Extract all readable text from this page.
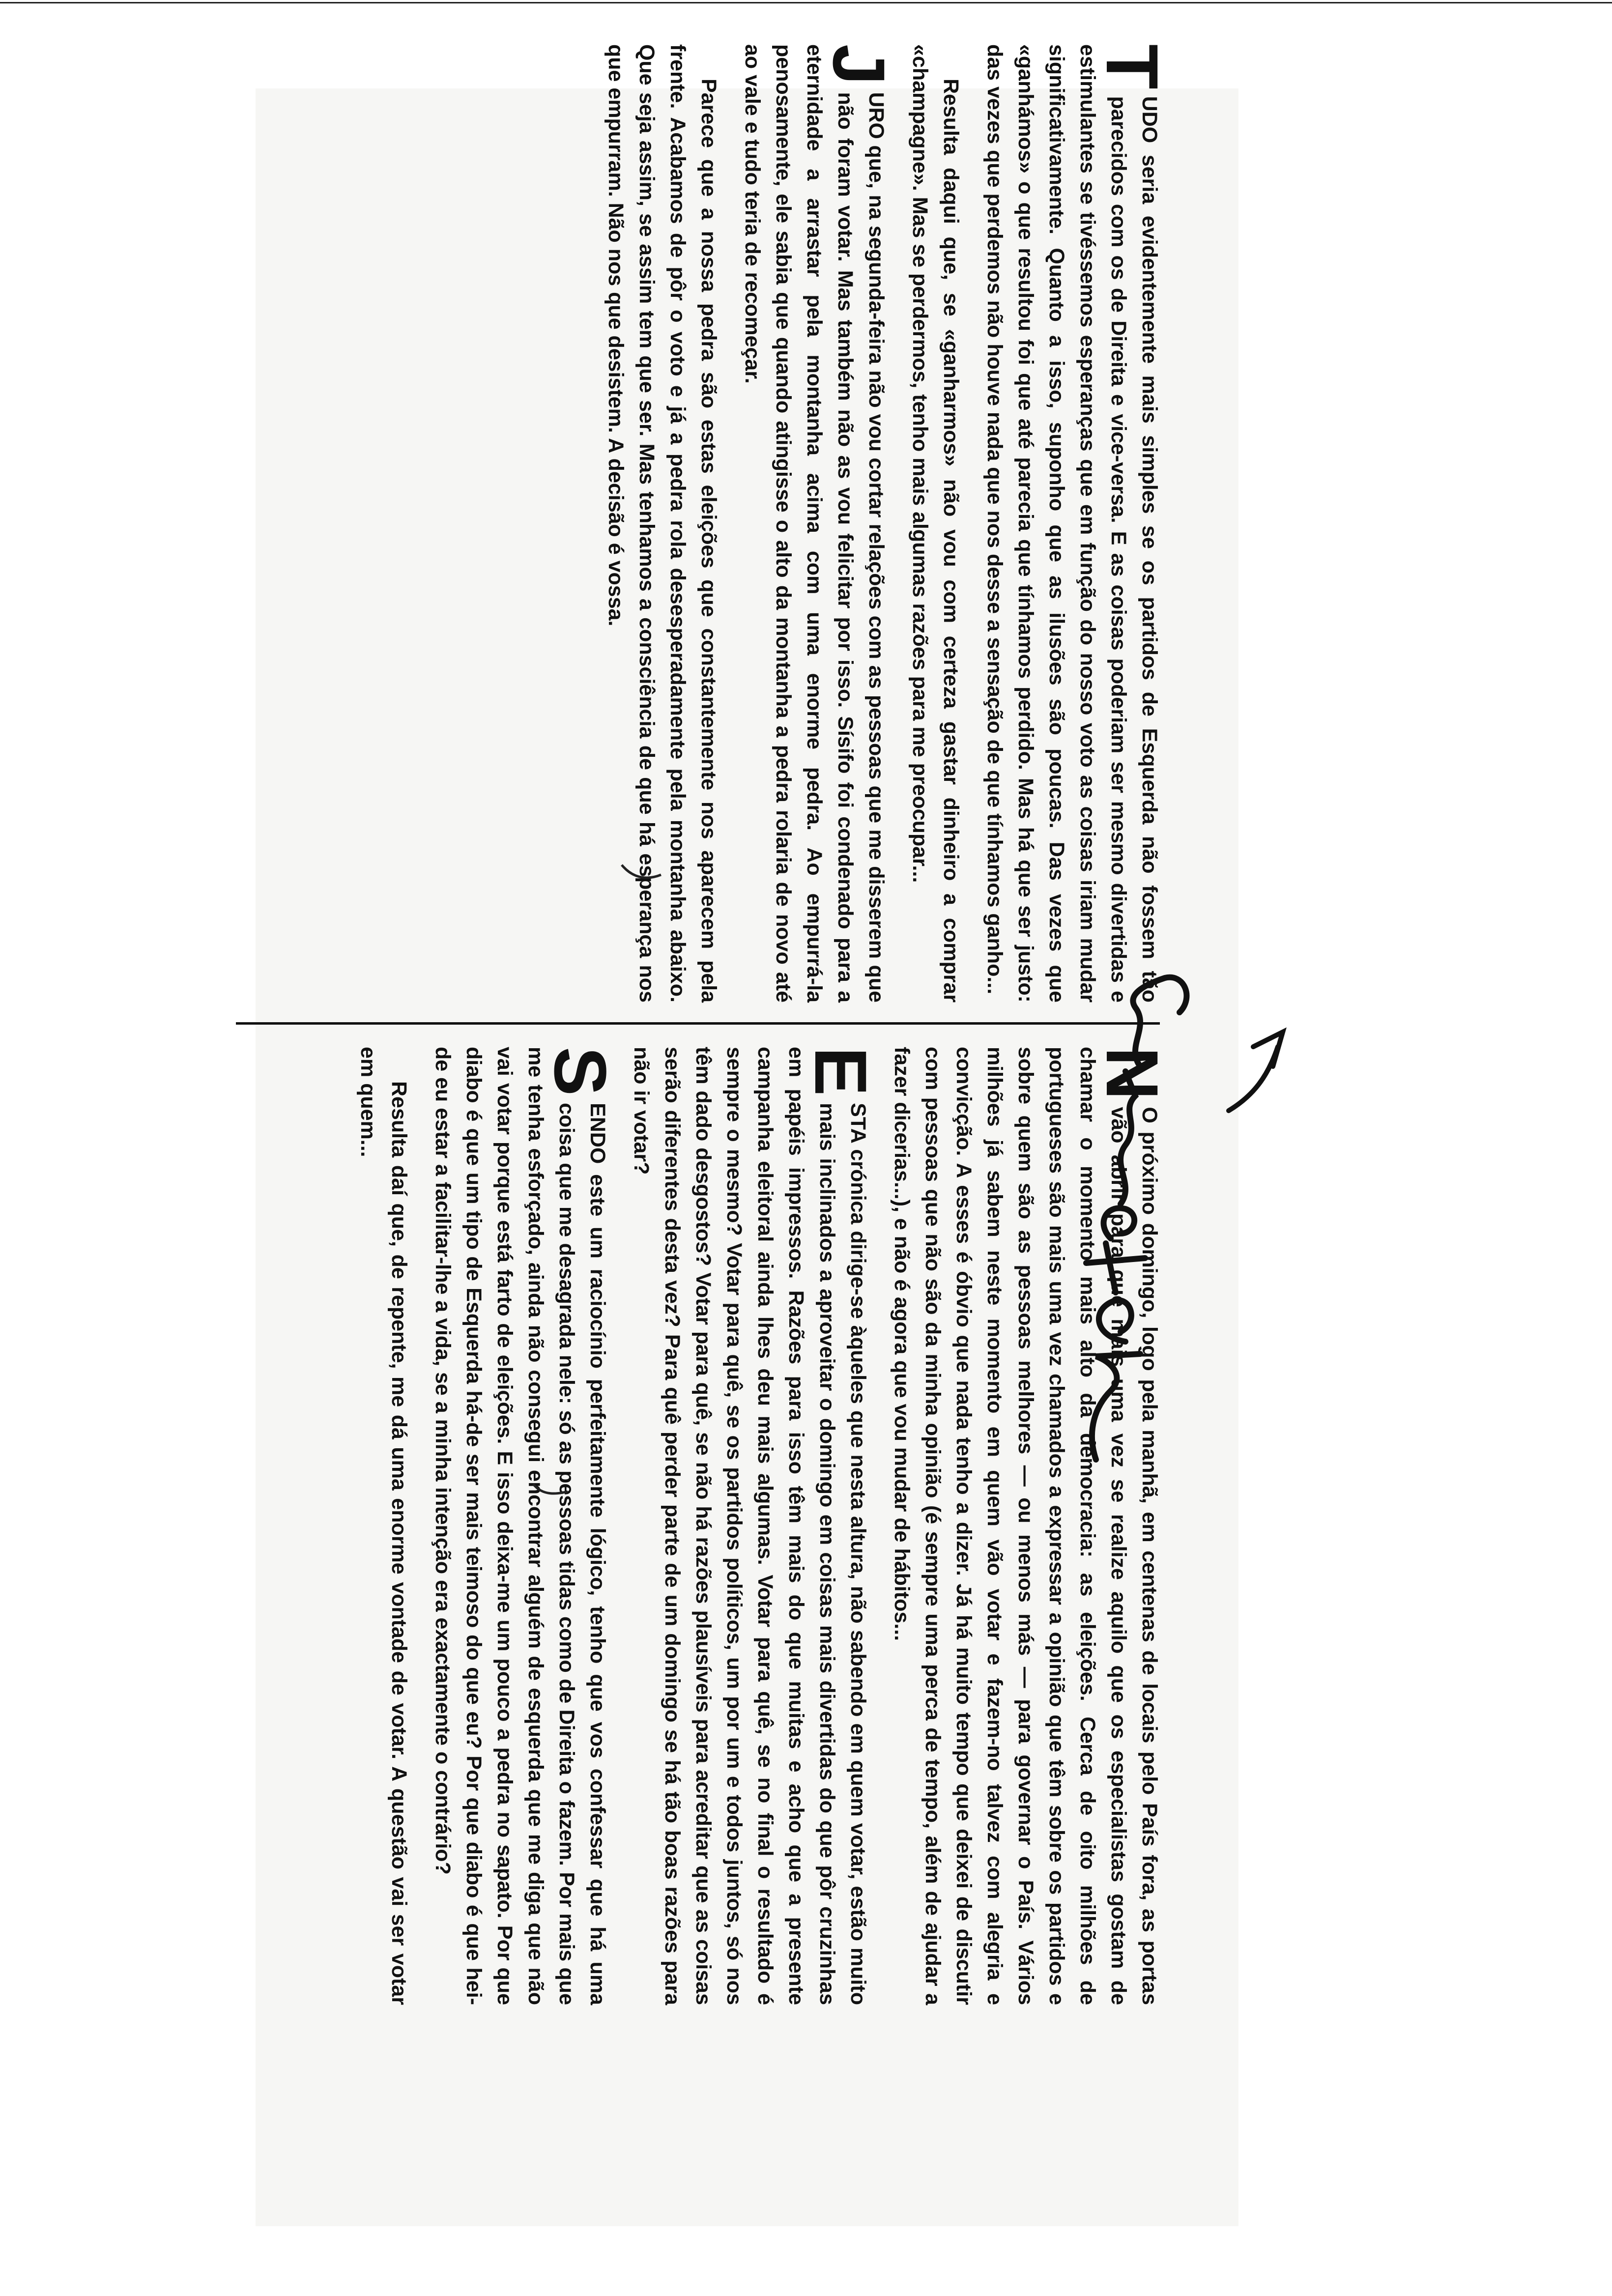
T
UDO seria evidentemente mais simples se os partidos de Esquerda não fossem tão parecidos com os de Direita e vice-versa. E as coisas poderiam ser mesmo divertidas e estimulantes se tivéssemos esperanças que em função do nosso voto as coisas iriam mudar significativamente. Quanto a isso, suponho que as ilusões são poucas. Das vezes que «ganhámos» o que resultou foi que até parecia que tínhamos perdido. Mas há que ser justo: das vezes que perdemos não houve nada que nos desse a sensação de que tínhamos ganho...

Resulta daqui que, se «ganharmos» não vou com certeza gastar dinheiro a comprar «champagne». Mas se perdermos, tenho mais algumas razões para me preocupar...

J
URO que, na segunda-feira não vou cortar relações com as pessoas que me disserem que não foram votar. Mas também não as vou felicitar por isso. Sísifo foi condenado para a eternidade a arrastar pela montanha acima com uma enorme pedra. Ao empurrá-la penosamente, ele sabia que quando atingisse o alto da montanha a pedra rolaria de novo até ao vale e tudo teria de recomeçar.

Parece que a nossa pedra são estas eleições que constantemente nos aparecem pela frente. Acabamos de pôr o voto e já a pedra rola desesperadamente pela montanha abaixo. Que seja assim, se assim tem que ser. Mas tenhamos a consciência de que há esperança nos que empurram. Não nos que desistem. A decisão é vossa.

N
O próximo domingo, logo pela manhã, em centenas de locais pelo País fora, as portas vão abrir para que mais uma vez se realize aquilo que os especialistas gostam de chamar o momento mais alto da democracia: as eleições. Cerca de oito milhões de portugueses são mais uma vez chamados a expressar a opinião que têm sobre os partidos e sobre quem são as pessoas melhores — ou menos más — para governar o País. Vários milhões já sabem neste momento em quem vão votar e fazem-no talvez com alegria e convicção. A esses é óbvio que nada tenho a dizer. Já há muito tempo que deixei de discutir com pessoas que não são da minha opinião (é sempre uma perca de tempo, além de ajudar a fazer dicerias...), e não é agora que vou mudar de hábitos...

E
STA crónica dirige-se àqueles que nesta altura, não sabendo em quem votar, estão muito mais inclinados a aproveitar o domingo em coisas mais divertidas do que pôr cruzinhas em papéis impressos. Razões para isso têm mais do que muitas e acho que a presente campanha eleitoral ainda lhes deu mais algumas. Votar para quê, se no final o resultado é sempre o mesmo? Votar para quê, se os partidos políticos, um por um e todos juntos, só nos têm dado desgostos? Votar para quê, se não há razões plausíveis para acreditar que as coisas serão diferentes desta vez? Para quê perder parte de um domingo se há tão boas razões para não ir votar?

S
ENDO este um raciocínio perfeitamente lógico, tenho que vos confessar que há uma coisa que me desagrada nele: só as pessoas tidas como de Direita o fazem. Por mais que me tenha esforçado, ainda não consegui encontrar alguém de esquerda que me diga que não vai votar porque está farto de eleições. E isso deixa-me um pouco a pedra no sapato. Por que diabo é que um tipo de Esquerda há-de ser mais teimoso do que eu? Por que diabo é que hei-de eu estar a facilitar-lhe a vida, se a minha intenção era exactamente o contrário?

Resulta daí que, de repente, me dá uma enorme vontade de votar. A questão vai ser votar em quem...
